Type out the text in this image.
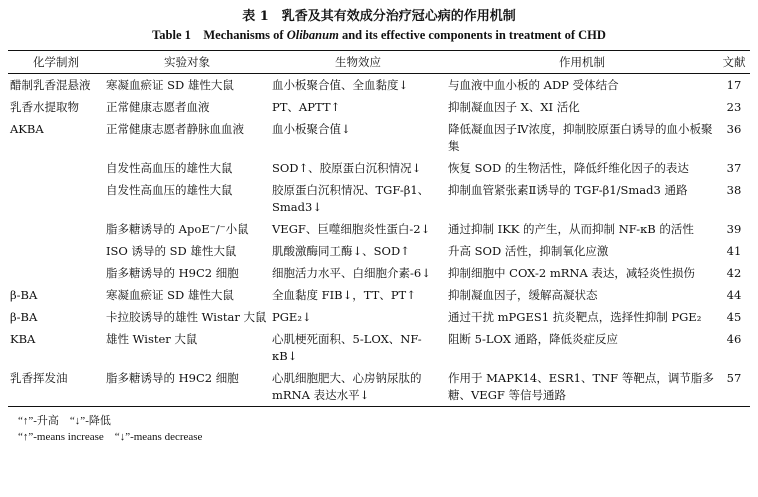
表 1　乳香及其有效成分治疗冠心病的作用机制
Table 1　Mechanisms of Olibanum and its effective components in treatment of CHD
化学制剂	实验对象	生物效应	作用机制	文献
醋制乳香混悬液	寒凝血瘀证 SD 雄性大鼠	血小板聚合值、全血黏度↓	与血液中血小板的 ADP 受体结合	17
乳香水提取物	正常健康志愿者血液	PT、APTT↑	抑制凝血因子 X、XI 活化	23
AKBA	正常健康志愿者静脉血血液	血小板聚合值↓	降低凝血因子Ⅳ浓度，抑制胶原蛋白诱导的血小板聚集	36
	自发性高血压的雄性大鼠	SOD↑、胶原蛋白沉积情况↓	恢复 SOD 的生物活性，降低纤维化因子的表达	37
	自发性高血压的雄性大鼠	胶原蛋白沉积情况、TGF-β1、Smad3↓	抑制血管紧张素Ⅱ诱导的 TGF-β1/Smad3 通路	38
	脂多糖诱导的 ApoE⁻/⁻小鼠	VEGF、巨噬细胞炎性蛋白-2↓	通过抑制 IKK 的产生，从而抑制 NF-κB 的活性	39
	ISO 诱导的 SD 雄性大鼠	肌酸激酶同工酶↓、SOD↑	升高 SOD 活性，抑制氧化应激	41
	脂多糖诱导的 H9C2 细胞	细胞活力水平、白细胞介素-6↓	抑制细胞中 COX-2 mRNA 表达，减轻炎性损伤	42
β-BA	寒凝血瘀证 SD 雄性大鼠	全血黏度 FIB↓，TT、PT↑	抑制凝血因子，缓解高凝状态	44
β-BA	卡拉胶诱导的雄性 Wistar 大鼠	PGE₂↓	通过干扰 mPGES1 抗炎靶点，选择性抑制 PGE₂	45
KBA	雄性 Wister 大鼠	心肌梗死面积、5-LOX、NF-κB↓	阻断 5-LOX 通路，降低炎症反应	46
乳香挥发油	脂多糖诱导的 H9C2 细胞	心肌细胞肥大、心房钠尿肽的 mRNA 表达水平↓	作用于 MAPK14、ESR1、TNF 等靶点，调节脂多糖、VEGF 等信号通路	57
“↑”-升高　“↓”-降低
“↑”-means increase　“↓”-means decrease
